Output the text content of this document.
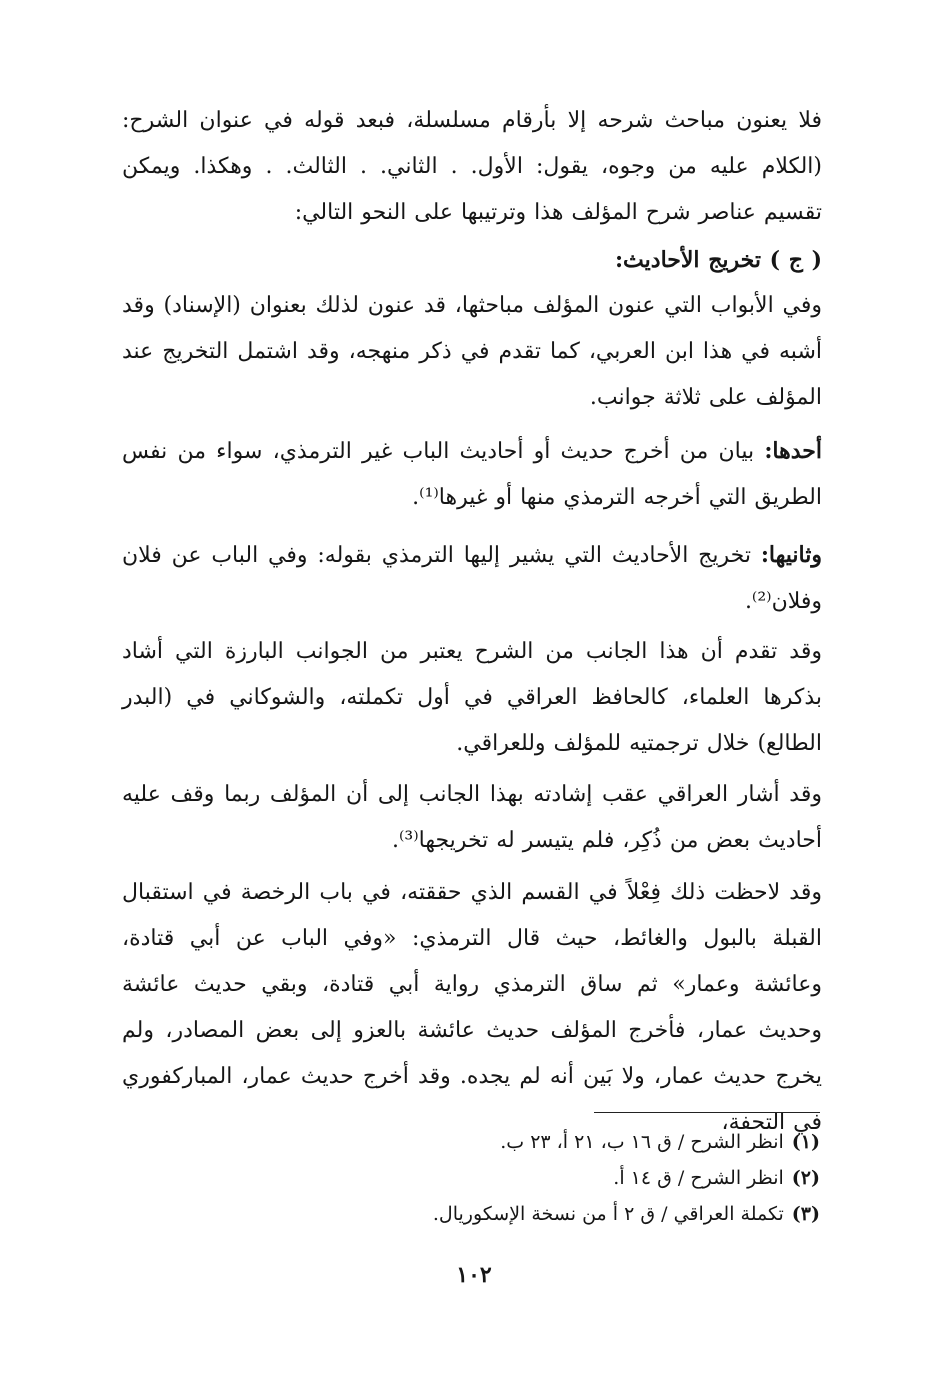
فلا يعنون مباحث شرحه إلا بأرقام مسلسلة، فبعد قوله في عنوان الشرح: (الكلام عليه من وجوه، يقول: الأول. . الثاني. . الثالث. . وهكذا. ويمكن تقسيم عناصر شرح المؤلف هذا وترتيبها على النحو التالي:

( ج ) تخريج الأحاديث:

وفي الأبواب التي عنون المؤلف مباحثها، قد عنون لذلك بعنوان (الإسناد) وقد أشبه في هذا ابن العربي، كما تقدم في ذكر منهجه، وقد اشتمل التخريج عند المؤلف على ثلاثة جوانب.

أحدها: بيان من أخرج حديث أو أحاديث الباب غير الترمذي، سواء من نفس الطريق التي أخرجه الترمذي منها أو غيرها⁽¹⁾.

وثانيها: تخريج الأحاديث التي يشير إليها الترمذي بقوله: وفي الباب عن فلان وفلان⁽²⁾.

وقد تقدم أن هذا الجانب من الشرح يعتبر من الجوانب البارزة التي أشاد بذكرها العلماء، كالحافظ العراقي في أول تكملته، والشوكاني في (البدر الطالع) خلال ترجمتيه للمؤلف وللعراقي.

وقد أشار العراقي عقب إشادته بهذا الجانب إلى أن المؤلف ربما وقف عليه أحاديث بعض من ذُكِر، فلم يتيسر له تخريجها⁽³⁾.

وقد لاحظت ذلك فِعْلاً في القسم الذي حققته، في باب الرخصة في استقبال القبلة بالبول والغائط، حيث قال الترمذي: «وفي الباب عن أبي قتادة، وعائشة وعمار» ثم ساق الترمذي رواية أبي قتادة، وبقي حديث عائشة وحديث عمار، فأخرج المؤلف حديث عائشة بالعزو إلى بعض المصادر، ولم يخرج حديث عمار، ولا بَين أنه لم يجده. وقد أخرج حديث عمار، المباركفوري في التحفة،

(١)انظر الشرح / ق ١٦ ب، ٢١ أ، ٢٣ ب.

(٢)انظر الشرح / ق ١٤ أ.

(٣)تكملة العراقي / ق ٢ أ من نسخة الإسكوريال.

١٠٢
